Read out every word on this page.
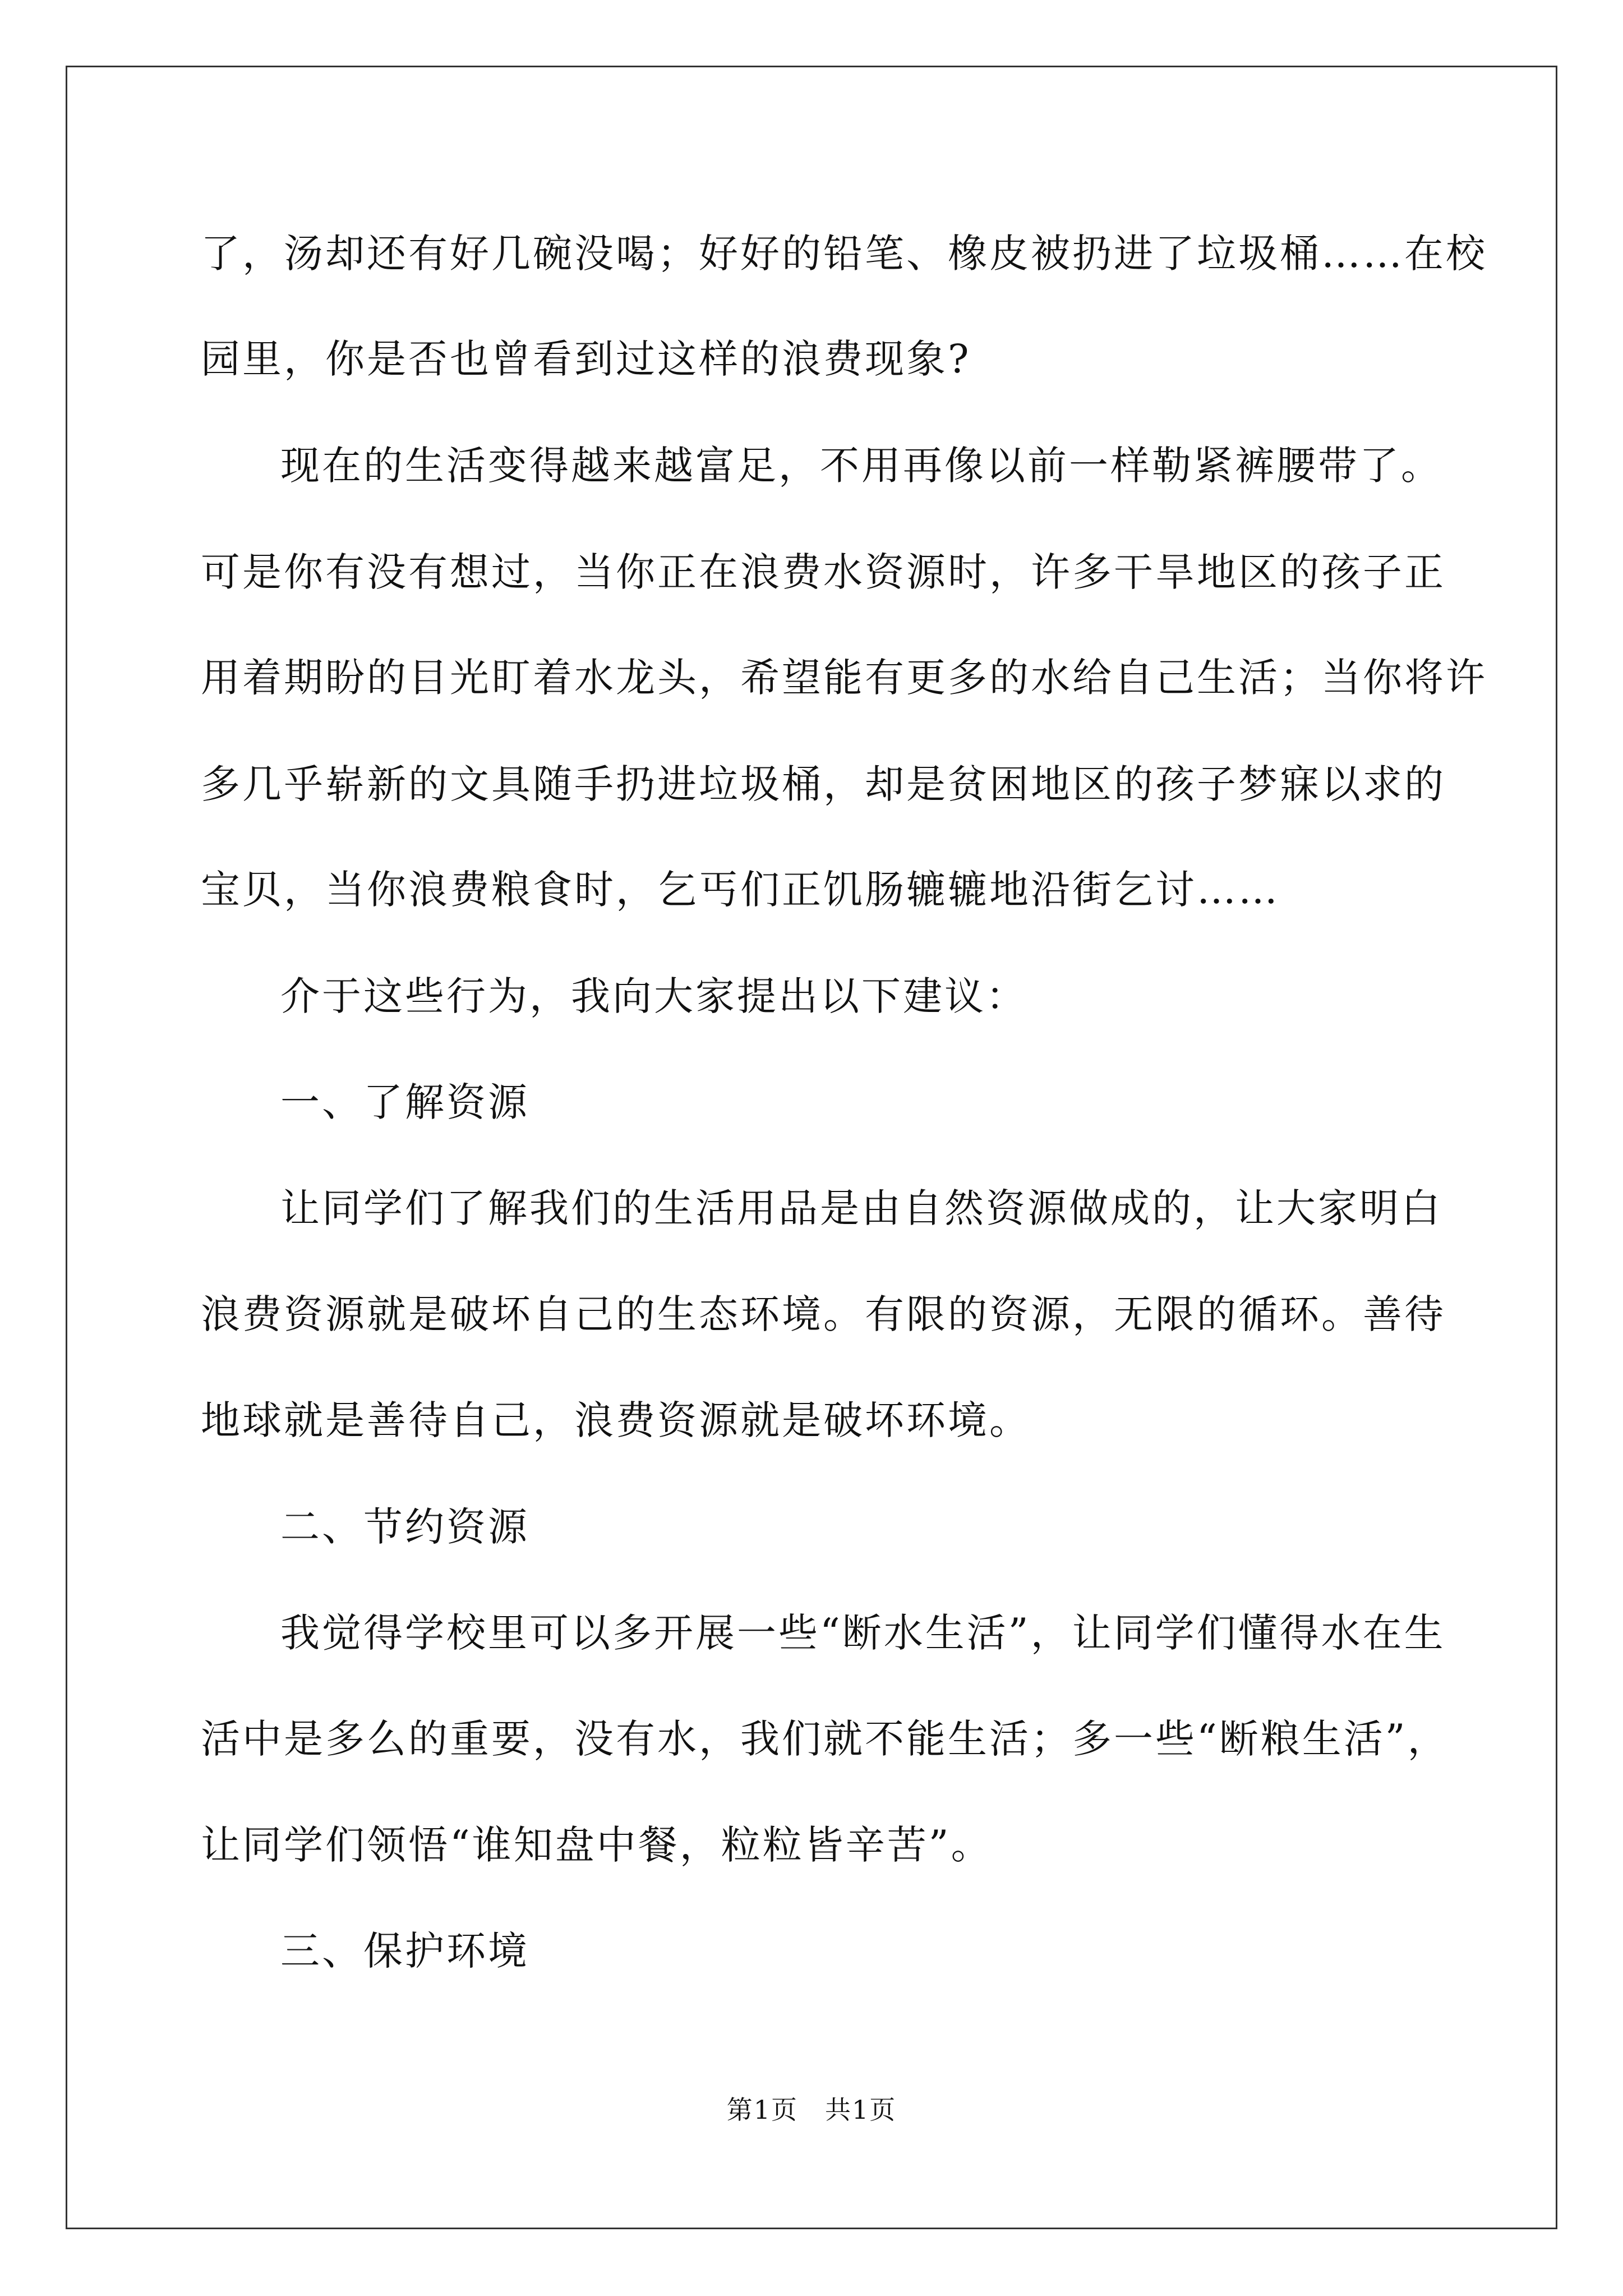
了，汤却还有好几碗没喝；好好的铅笔、橡皮被扔进了垃圾桶……在校
园里，你是否也曾看到过这样的浪费现象?
现在的生活变得越来越富足，不用再像以前一样勒紧裤腰带了。
可是你有没有想过，当你正在浪费水资源时，许多干旱地区的孩子正
用着期盼的目光盯着水龙头，希望能有更多的水给自己生活；当你将许
多几乎崭新的文具随手扔进垃圾桶，却是贫困地区的孩子梦寐以求的
宝贝，当你浪费粮食时，乞丐们正饥肠辘辘地沿街乞讨……
介于这些行为，我向大家提出以下建议：
一、了解资源
让同学们了解我们的生活用品是由自然资源做成的，让大家明白
浪费资源就是破坏自己的生态环境。有限的资源，无限的循环。善待
地球就是善待自己，浪费资源就是破坏环境。
二、节约资源
我觉得学校里可以多开展一些“断水生活”，让同学们懂得水在生
活中是多么的重要，没有水，我们就不能生活；多一些“断粮生活”，
让同学们领悟“谁知盘中餐，粒粒皆辛苦”。
三、保护环境
第1页　共1页
